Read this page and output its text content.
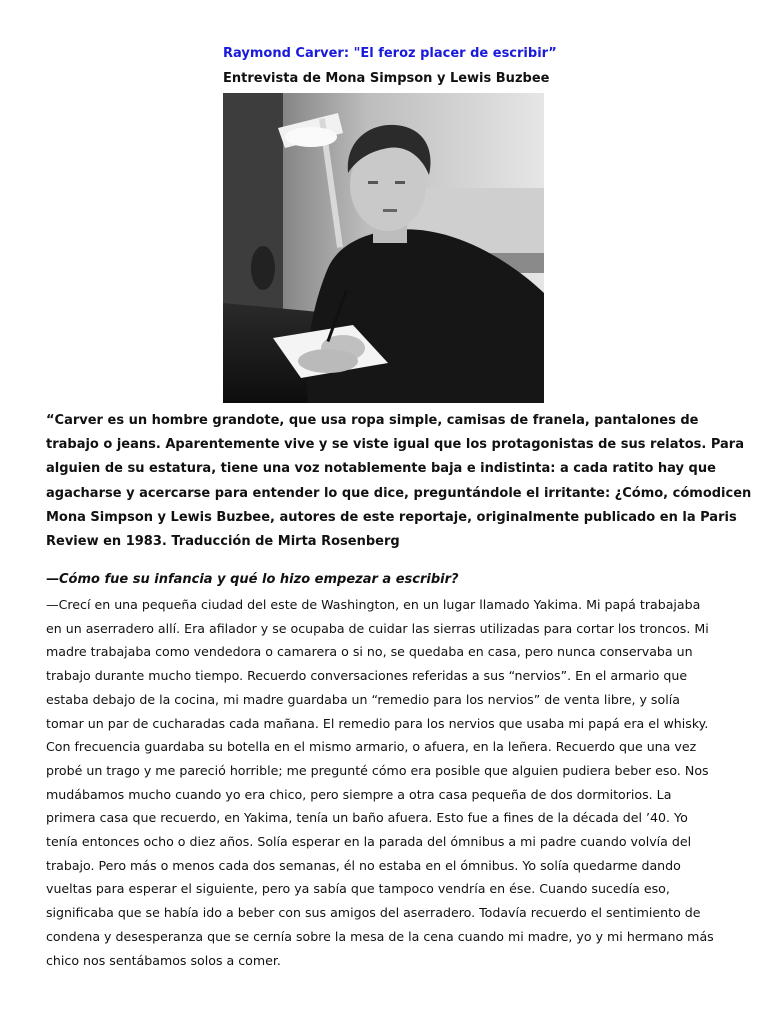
Raymond Carver: "El feroz placer de escribir”
Entrevista de Mona Simpson y Lewis Buzbee
“Carver es un hombre grandote, que usa ropa simple, camisas de franela, pantalones de
trabajo o jeans. Aparentemente vive y se viste igual que los protagonistas de sus relatos. Para
alguien de su estatura, tiene una voz notablemente baja e indistinta: a cada ratito hay que
agacharse y acercarse para entender lo que dice, preguntándole el irritante: ¿Cómo, cómodicen
Mona Simpson y Lewis Buzbee, autores de este reportaje, originalmente publicado en la Paris
Review en 1983. Traducción de Mirta Rosenberg
—Cómo fue su infancia y qué lo hizo empezar a escribir?
—Crecí en una pequeña ciudad del este de Washington, en un lugar llamado Yakima. Mi papá trabajaba
en un aserradero allí. Era afilador y se ocupaba de cuidar las sierras utilizadas para cortar los troncos. Mi
madre trabajaba como vendedora o camarera o si no, se quedaba en casa, pero nunca conservaba un
trabajo durante mucho tiempo. Recuerdo conversaciones referidas a sus “nervios”. En el armario que
estaba debajo de la cocina, mi madre guardaba un “remedio para los nervios” de venta libre, y solía
tomar un par de cucharadas cada mañana. El remedio para los nervios que usaba mi papá era el whisky.
Con frecuencia guardaba su botella en el mismo armario, o afuera, en la leñera. Recuerdo que una vez
probé un trago y me pareció horrible; me pregunté cómo era posible que alguien pudiera beber eso. Nos
mudábamos mucho cuando yo era chico, pero siempre a otra casa pequeña de dos dormitorios. La
primera casa que recuerdo, en Yakima, tenía un baño afuera. Esto fue a fines de la década del ’40. Yo
tenía entonces ocho o diez años. Solía esperar en la parada del ómnibus a mi padre cuando volvía del
trabajo. Pero más o menos cada dos semanas, él no estaba en el ómnibus. Yo solía quedarme dando
vueltas para esperar el siguiente, pero ya sabía que tampoco vendría en ése. Cuando sucedía eso,
significaba que se había ido a beber con sus amigos del aserradero. Todavía recuerdo el sentimiento de
condena y desesperanza que se cernía sobre la mesa de la cena cuando mi madre, yo y mi hermano más
chico nos sentábamos solos a comer.
